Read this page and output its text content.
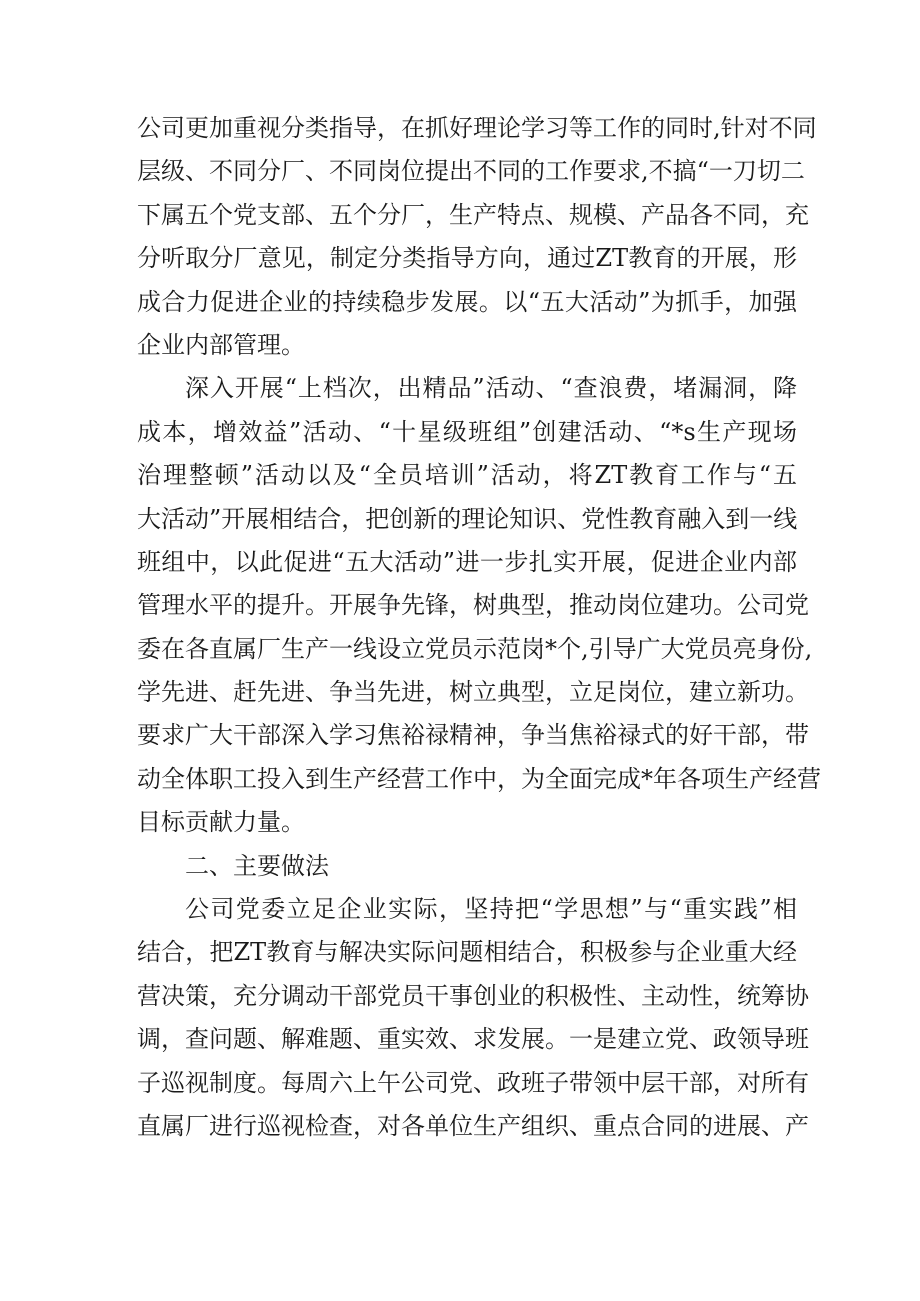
公司更加重视分类指导，在抓好理论学习等工作的同时,针对不同
层级、不同分厂、不同岗位提出不同的工作要求,不搞“一刀切二
下属五个党支部、五个分厂，生产特点、规模、产品各不同，充
分听取分厂意见，制定分类指导方向，通过ZT教育的开展，形
成合力促进企业的持续稳步发展。以“五大活动”为抓手，加强
企业内部管理。
深入开展“上档次，出精品”活动、“查浪费，堵漏洞，降
成本，增效益”活动、“十星级班组”创建活动、“*s生产现场
治理整顿”活动以及“全员培训”活动，将ZT教育工作与“五
大活动”开展相结合，把创新的理论知识、党性教育融入到一线
班组中，以此促进“五大活动”进一步扎实开展，促进企业内部
管理水平的提升。开展争先锋，树典型，推动岗位建功。公司党
委在各直属厂生产一线设立党员示范岗*个,引导广大党员亮身份,
学先进、赶先进、争当先进，树立典型，立足岗位，建立新功。
要求广大干部深入学习焦裕禄精神，争当焦裕禄式的好干部，带
动全体职工投入到生产经营工作中，为全面完成*年各项生产经营
目标贡献力量。
二、主要做法
公司党委立足企业实际，坚持把“学思想”与“重实践”相
结合，把ZT教育与解决实际问题相结合，积极参与企业重大经
营决策，充分调动干部党员干事创业的积极性、主动性，统筹协
调，查问题、解难题、重实效、求发展。一是建立党、政领导班
子巡视制度。每周六上午公司党、政班子带领中层干部，对所有
直属厂进行巡视检查，对各单位生产组织、重点合同的进展、产
